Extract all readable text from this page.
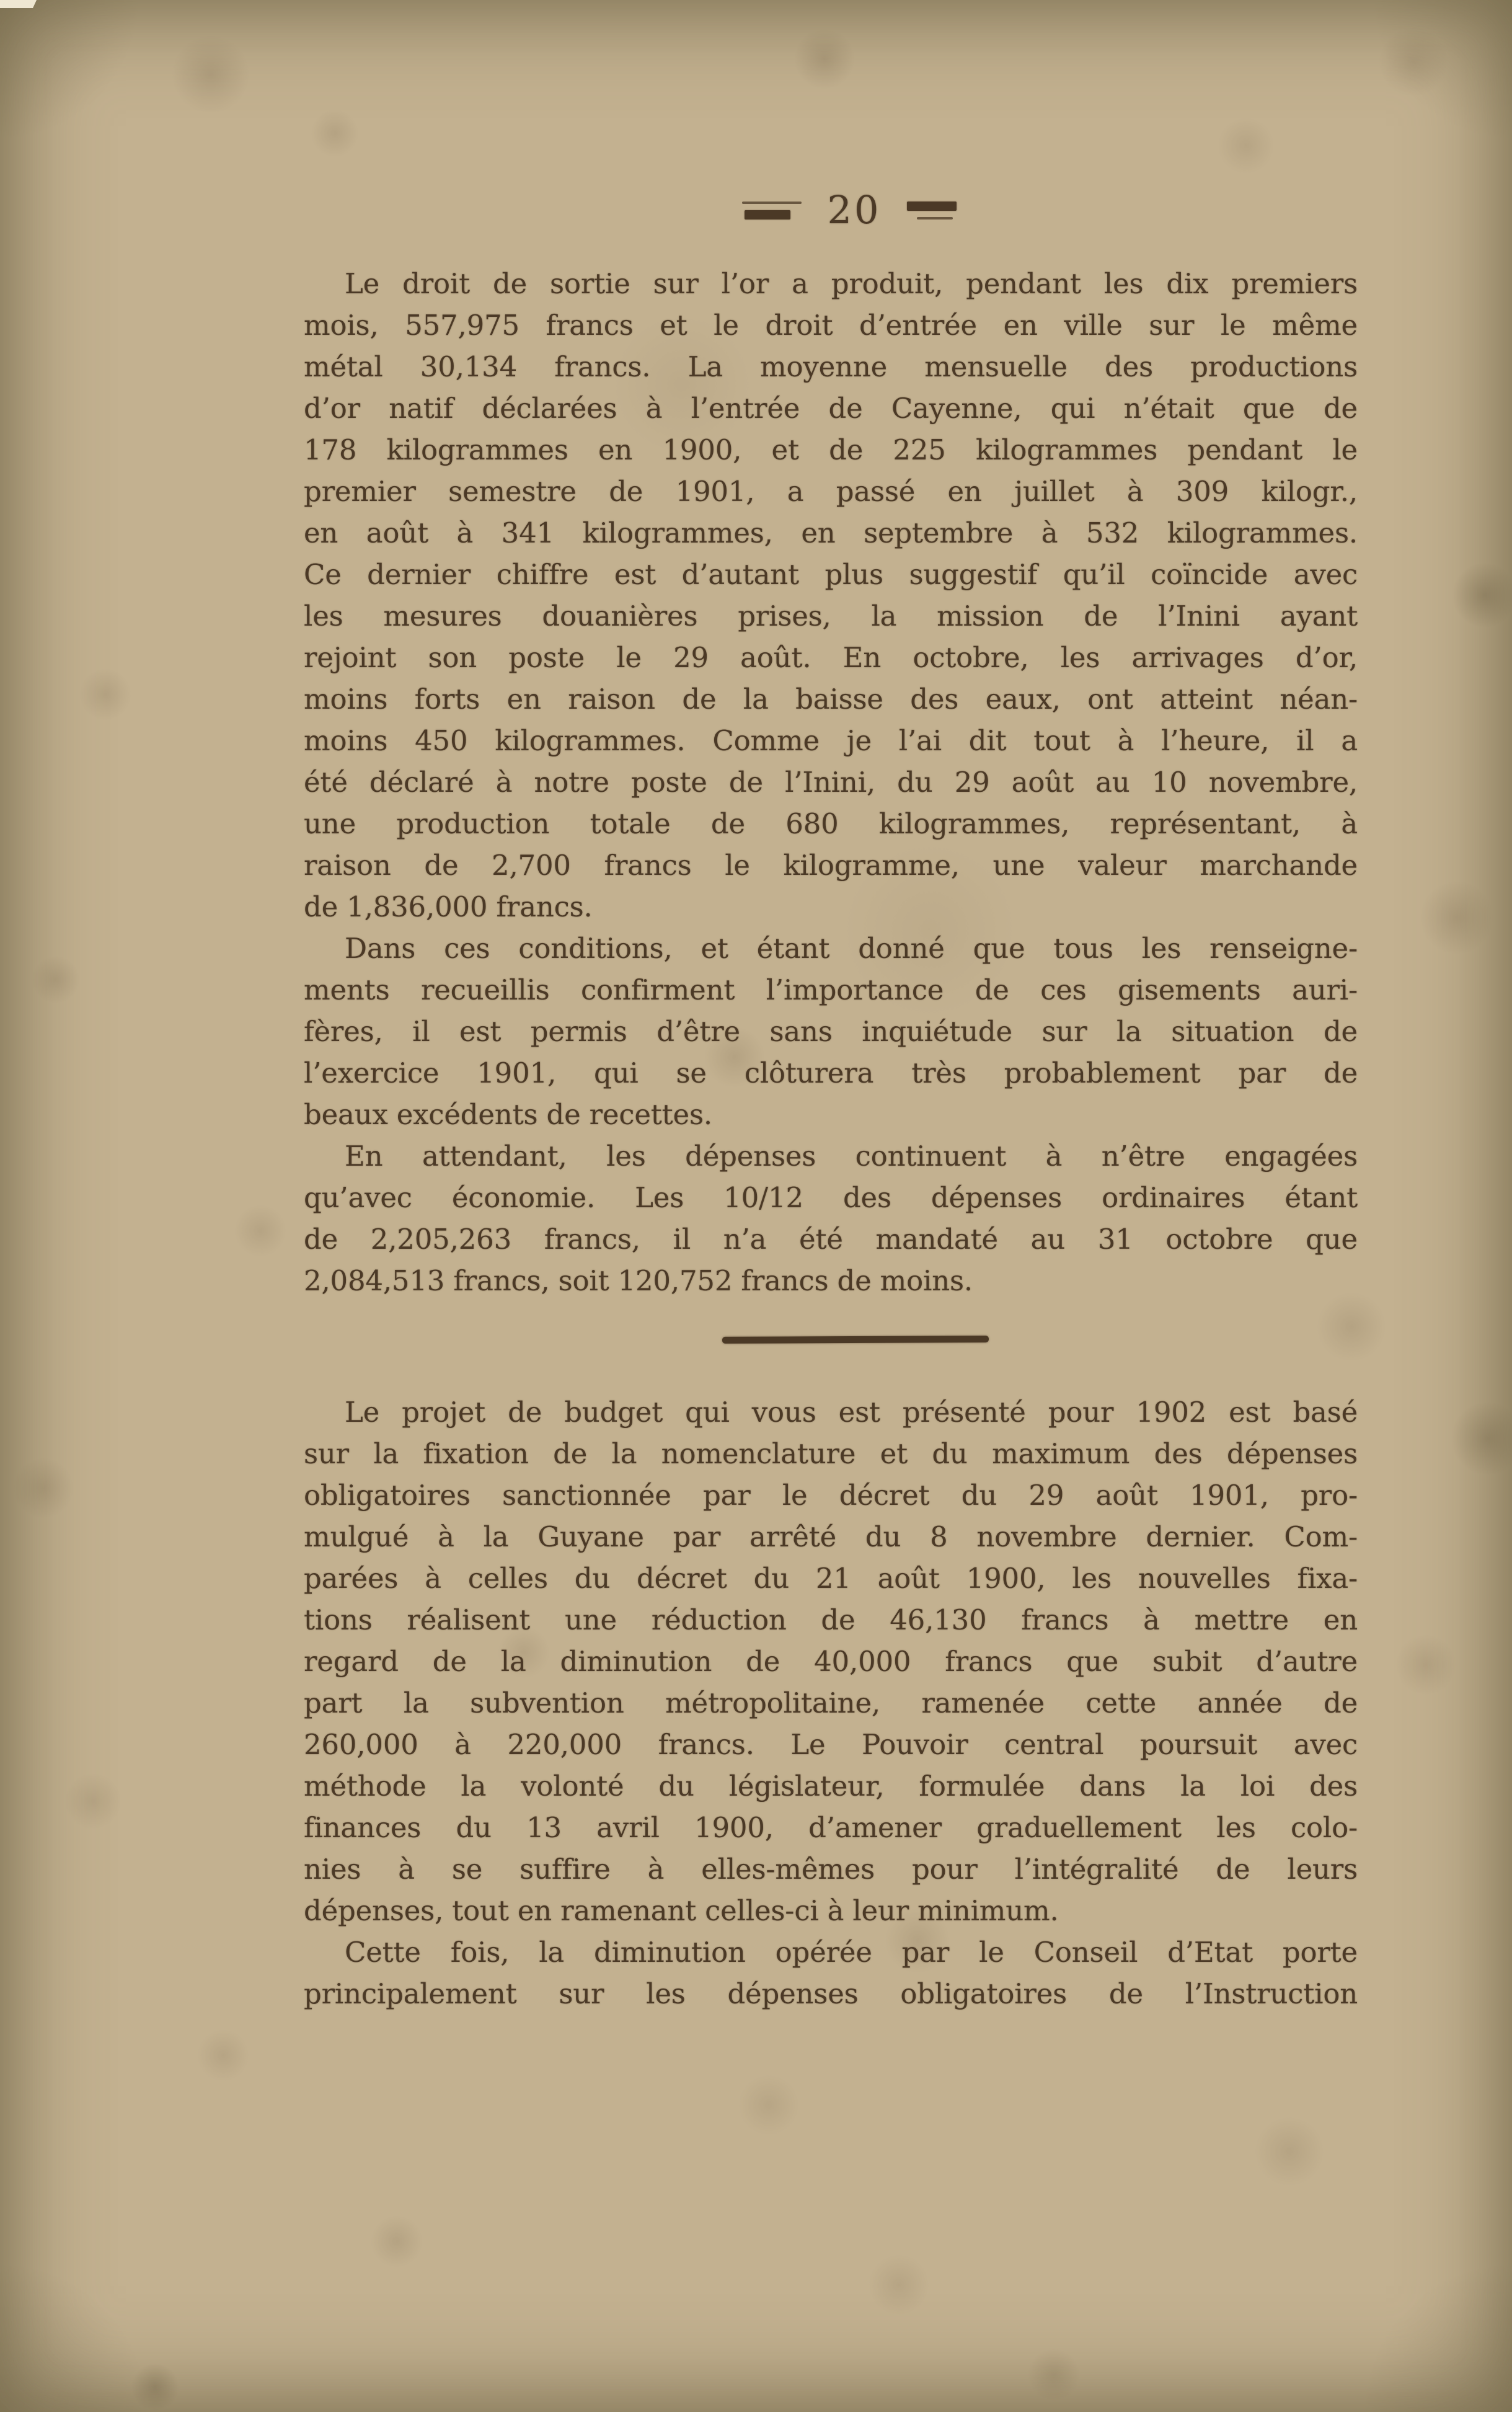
20
Le droit de sortie sur l’or a produit, pendant les dix premiers
mois, 557,975 francs et le droit d’entrée en ville sur le même
métal 30,134 francs. La moyenne mensuelle des productions
d’or natif déclarées à l’entrée de Cayenne, qui n’était que de
178 kilogrammes en 1900, et de 225 kilogrammes pendant le
premier semestre de 1901, a passé en juillet à 309 kilogr.,
en août à 341 kilogrammes, en septembre à 532 kilogrammes.
Ce dernier chiffre est d’autant plus suggestif qu’il coïncide avec
les mesures douanières prises, la mission de l’Inini ayant
rejoint son poste le 29 août. En octobre, les arrivages d’or,
moins forts en raison de la baisse des eaux, ont atteint néan-
moins 450 kilogrammes. Comme je l’ai dit tout à l’heure, il a
été déclaré à notre poste de l’Inini, du 29 août au 10 novembre,
une production totale de 680 kilogrammes, représentant, à
raison de 2,700 francs le kilogramme, une valeur marchande
de 1,836,000 francs.
Dans ces conditions, et étant donné que tous les renseigne-
ments recueillis confirment l’importance de ces gisements auri-
fères, il est permis d’être sans inquiétude sur la situation de
l’exercice 1901, qui se clôturera très probablement par de
beaux excédents de recettes.
En attendant, les dépenses continuent à n’être engagées
qu’avec économie. Les 10/12 des dépenses ordinaires étant
de 2,205,263 francs, il n’a été mandaté au 31 octobre que
2,084,513 francs, soit 120,752 francs de moins.
Le projet de budget qui vous est présenté pour 1902 est basé
sur la fixation de la nomenclature et du maximum des dépenses
obligatoires sanctionnée par le décret du 29 août 1901, pro-
mulgué à la Guyane par arrêté du 8 novembre dernier. Com-
parées à celles du décret du 21 août 1900, les nouvelles fixa-
tions réalisent une réduction de 46,130 francs à mettre en
regard de la diminution de 40,000 francs que subit d’autre
part la subvention métropolitaine, ramenée cette année de
260,000 à 220,000 francs. Le Pouvoir central poursuit avec
méthode la volonté du législateur, formulée dans la loi des
finances du 13 avril 1900, d’amener graduellement les colo-
nies à se suffire à elles-mêmes pour l’intégralité de leurs
dépenses, tout en ramenant celles-ci à leur minimum.
Cette fois, la diminution opérée par le Conseil d’Etat porte
principalement sur les dépenses obligatoires de l’Instruction
